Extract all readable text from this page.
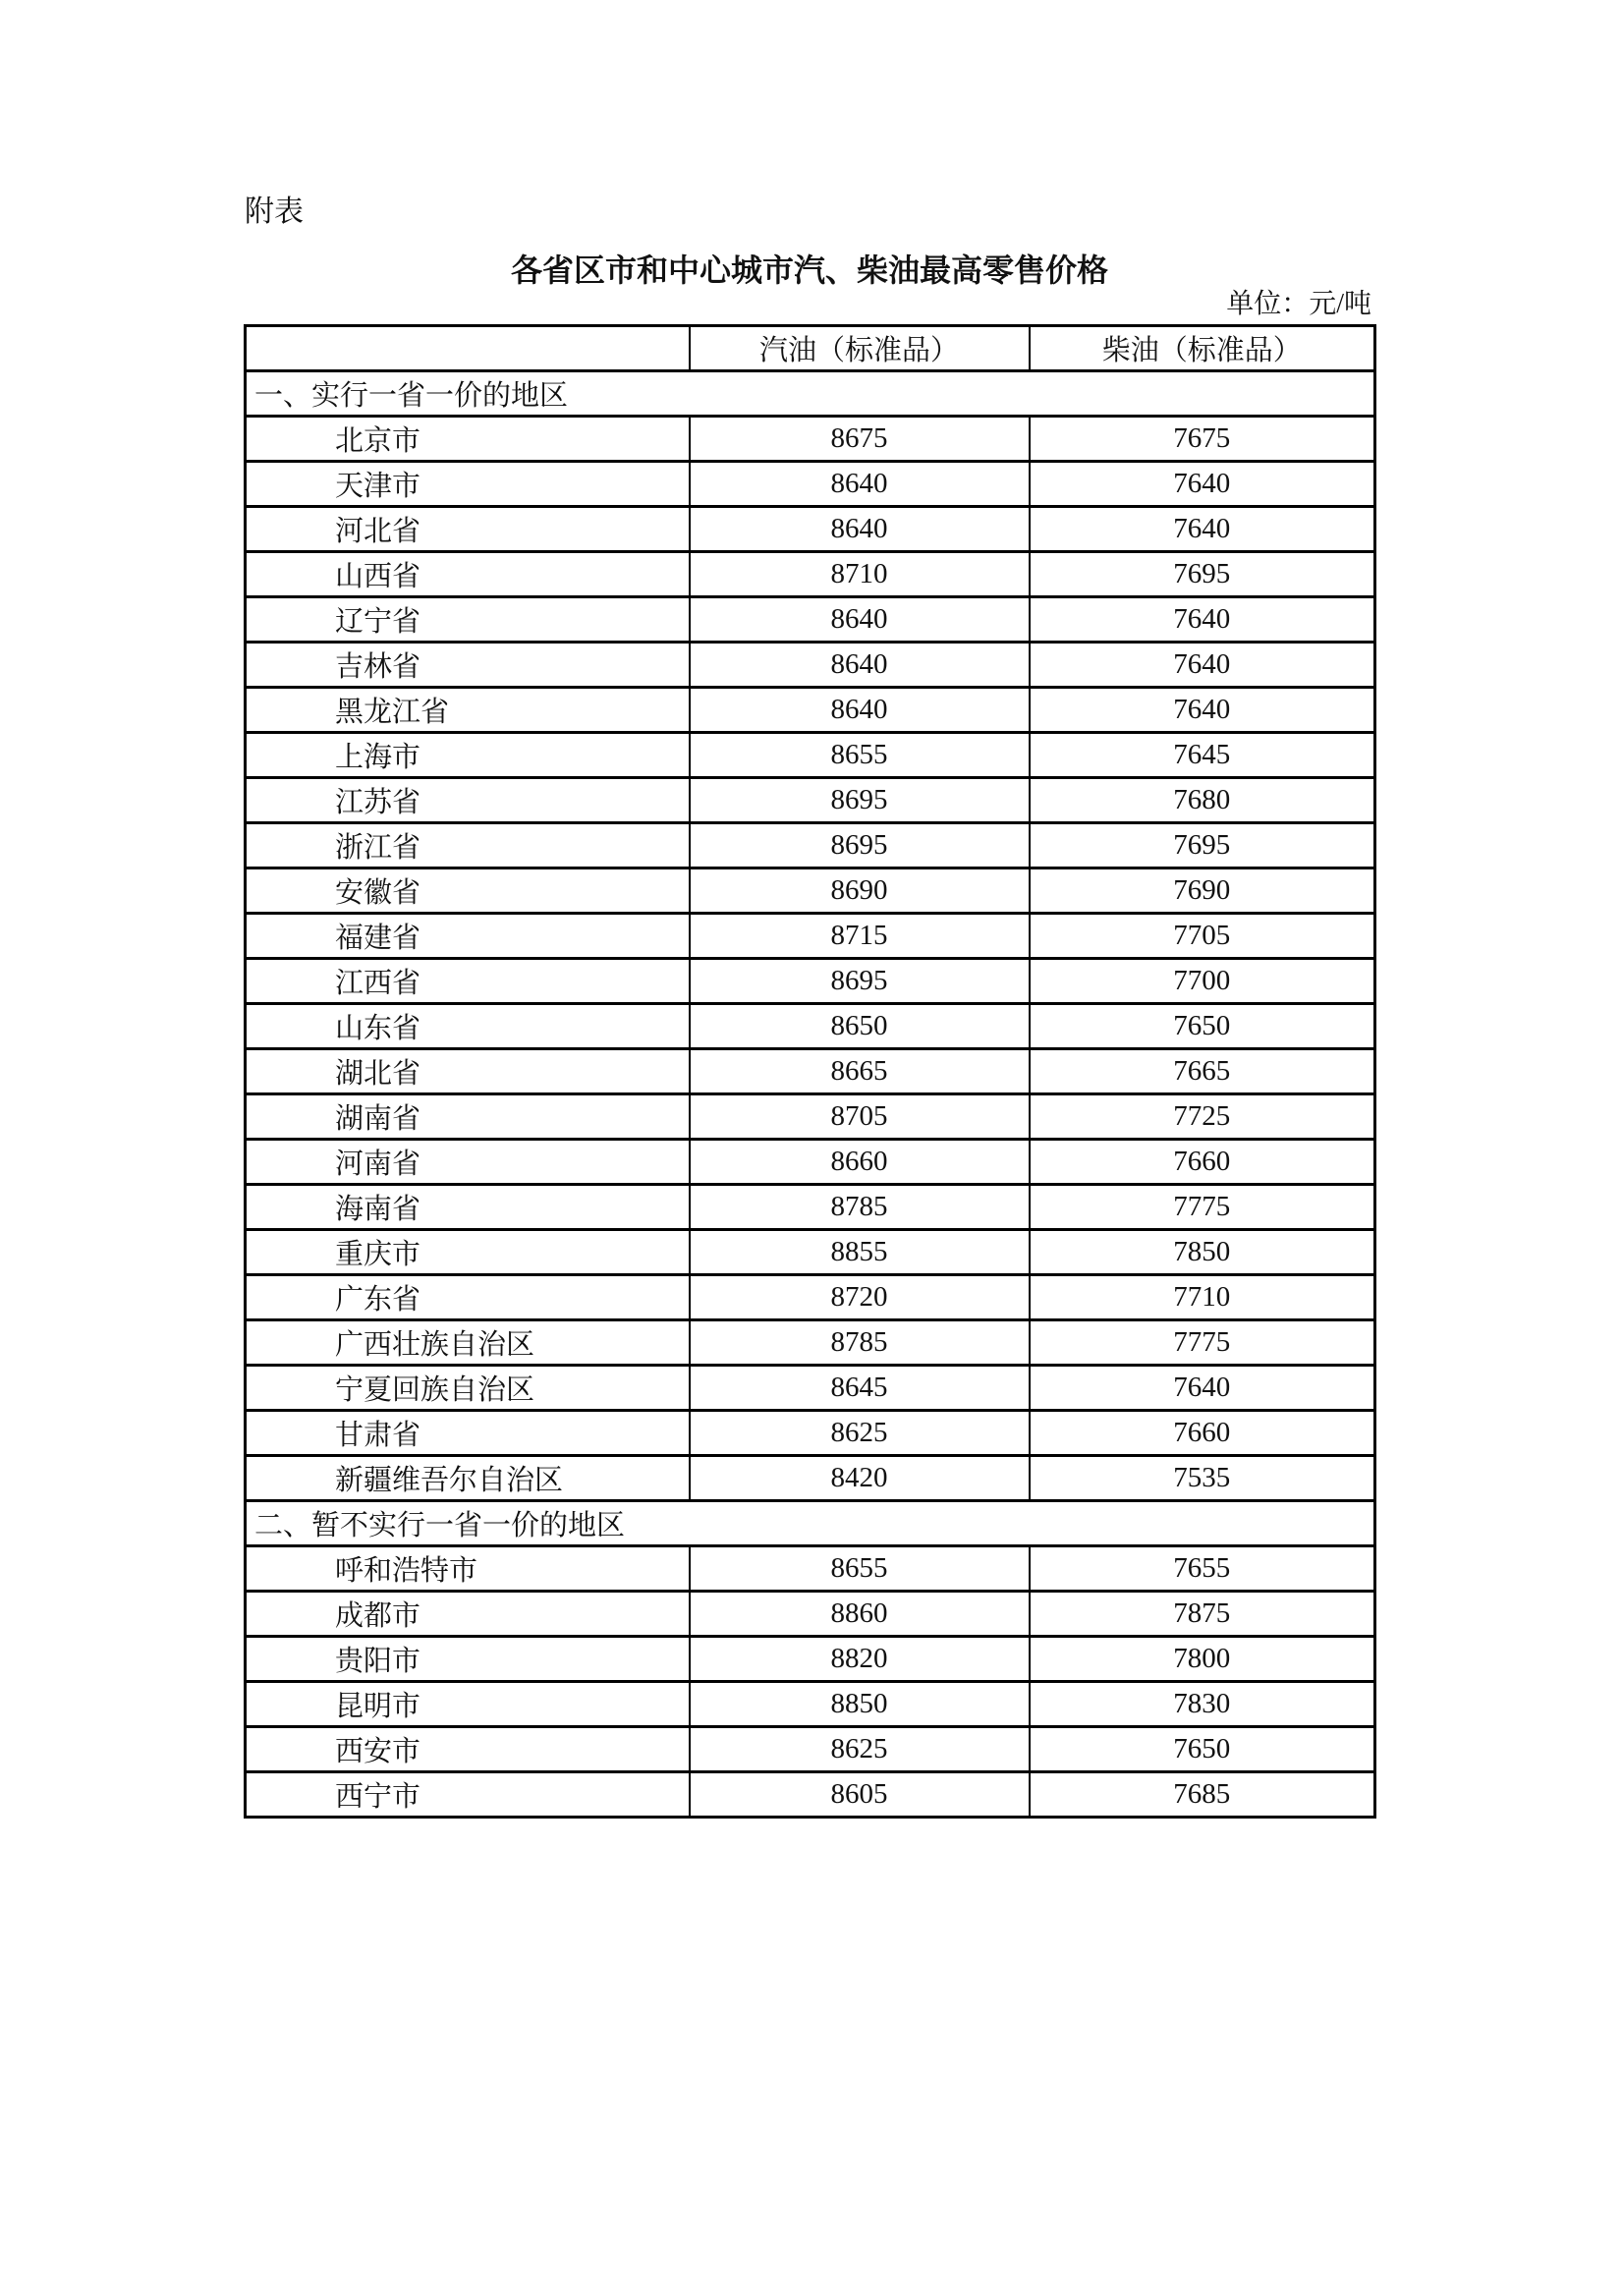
附表
各省区市和中心城市汽、柴油最高零售价格
单位：元/吨
	汽油（标准品）	柴油（标准品）
一、实行一省一价的地区		
北京市	8675	7675
天津市	8640	7640
河北省	8640	7640
山西省	8710	7695
辽宁省	8640	7640
吉林省	8640	7640
黑龙江省	8640	7640
上海市	8655	7645
江苏省	8695	7680
浙江省	8695	7695
安徽省	8690	7690
福建省	8715	7705
江西省	8695	7700
山东省	8650	7650
湖北省	8665	7665
湖南省	8705	7725
河南省	8660	7660
海南省	8785	7775
重庆市	8855	7850
广东省	8720	7710
广西壮族自治区	8785	7775
宁夏回族自治区	8645	7640
甘肃省	8625	7660
新疆维吾尔自治区	8420	7535
二、暂不实行一省一价的地区		
呼和浩特市	8655	7655
成都市	8860	7875
贵阳市	8820	7800
昆明市	8850	7830
西安市	8625	7650
西宁市	8605	7685
